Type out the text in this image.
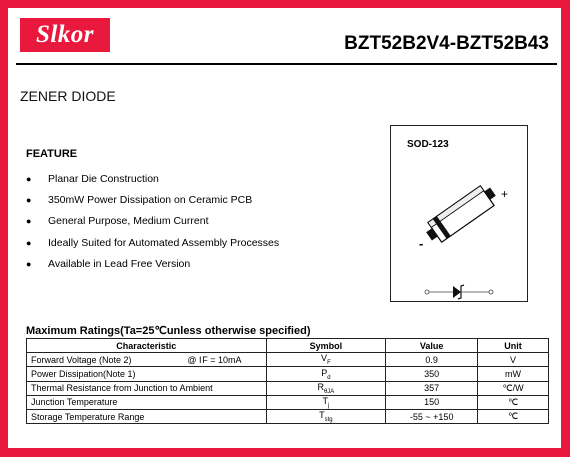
Slkor	BZT52B2V4-BZT52B43
ZENER DIODE
FEATURE
●	Planar Die Construction
●	350mW Power Dissipation on Ceramic PCB
●	General Purpose, Medium Current
●	Ideally Suited for Automated Assembly Processes
●	Available in Lead Free Version
SOD-123
+
-
Maximum Ratings(Ta=25℃unless otherwise specified)
Characteristic	Symbol	Value	Unit
Forward Voltage (Note 2) @ I F = 10mA	$V_F$	0.9	V
Power Dissipation(Note 1)	$P_d$	350	mW
Thermal Resistance from Junction to Ambient	$R_{\theta JA}$	357	℃/W
Junction Temperature	$T_j$	150	℃
Storage Temperature Range	$T_{stg}$	-55 ~ +150	℃
